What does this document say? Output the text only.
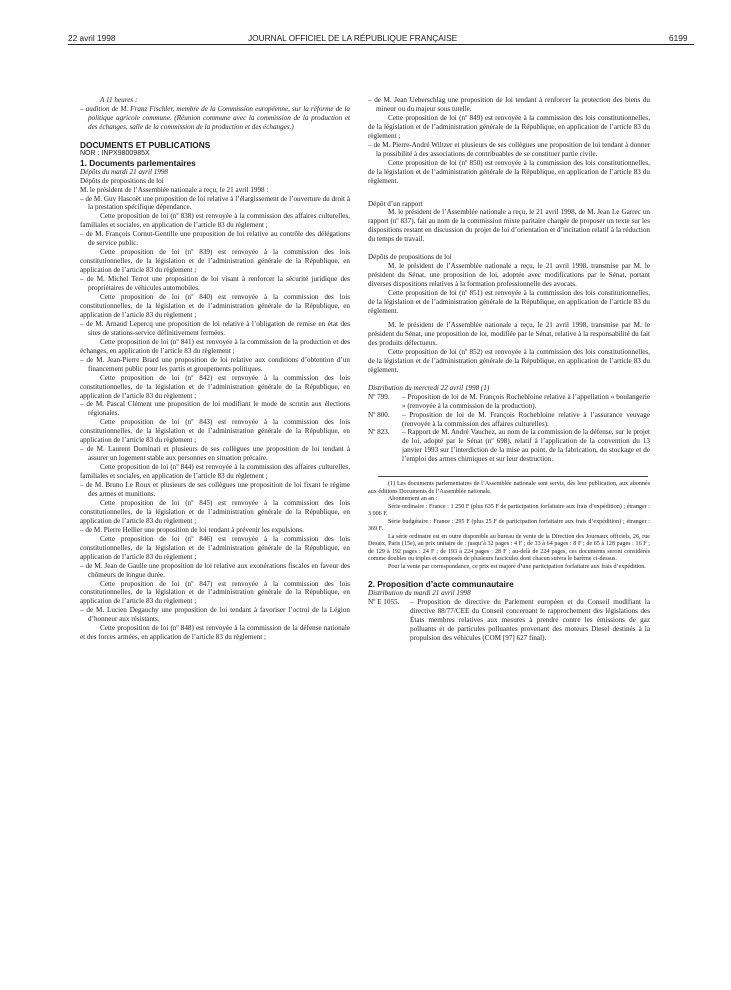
22 avril 1998	JOURNAL OFFICIEL DE LA RÉPUBLIQUE FRANÇAISE	6199

A 11 heures :

– audition de M. Franz Fischler, membre de la Commission européenne, sur la réforme de la politique agricole commune. (Réunion commune avec la commission de la production et des échanges, salle de la commission de la production et des échanges.)

DOCUMENTS ET PUBLICATIONS

NOR : INPX9800985X

1. Documents parlementaires

Dépôts du mardi 21 avril 1998

Dépôts de propositions de loi

M. le président de l’Assemblée nationale a reçu, le 21 avril 1998 :

– de M. Guy Hascoët une proposition de loi relative à l’élargissement de l’ouverture du droit à la prestation spécifique dépendance.

Cette proposition de loi (nº 838) est renvoyée à la commission des affaires culturelles, familiales et sociales, en application de l’article 83 du règlement ;

– de M. François Cornut-Gentille une proposition de loi relative au contrôle des délégations de service public.

Cette proposition de loi (nº 839) est renvoyée à la commission des lois constitutionnelles, de la législation et de l’administration générale de la République, en application de l’article 83 du règlement ;

– de M. Michel Terrot une proposition de loi visant à renforcer la sécurité juridique des propriétaires de véhicules automobiles.

Cette proposition de loi (nº 840) est renvoyée à la commission des lois constitutionnelles, de la législation et de l’administration générale de la République, en application de l’article 83 du règlement ;

– de M. Arnaud Lepercq une proposition de loi relative à l’obligation de remise en état des sites de stations-service définitivement fermées.

Cette proposition de loi (nº 841) est renvoyée à la commission de la production et des échanges, en application de l’article 83 du règlement ;

– de M. Jean-Pierre Brard une proposition de loi relative aux conditions d’obtention d’un financement public pour les partis et groupements politiques.

Cette proposition de loi (nº 842) est renvoyée à la commission des lois constitutionnelles, de la législation et de l’administration générale de la République, en application de l’article 83 du règlement ;

– de M. Pascal Clément une proposition de loi modifiant le mode de scrutin aux élections régionales.

Cette proposition de loi (nº 843) est renvoyée à la commission des lois constitutionnelles, de la législation et de l’administration générale de la République, en application de l’article 83 du règlement ;

– de M. Laurent Dominati et plusieurs de ses collègues une proposition de loi tendant à assurer un logement stable aux personnes en situation précaire.

Cette proposition de loi (nº 844) est renvoyée à la commission des affaires culturelles, familiales et sociales, en application de l’article 83 du règlement ;

– de M. Bruno Le Roux et plusieurs de ses collègues une proposition de loi fixant le régime des armes et munitions.

Cette proposition de loi (nº 845) est renvoyée à la commission des lois constitutionnelles, de la législation et de l’administration générale de la République, en application de l’article 83 du règlement ;

– de M. Pierre Hellier une proposition de loi tendant à prévenir les expulsions.

Cette proposition de loi (nº 846) est renvoyée à la commission des lois constitutionnelles, de la législation et de l’administration générale de la République, en application de l’article 83 du règlement ;

– de M. Jean de Gaulle une proposition de loi relative aux exonérations fiscales en faveur des chômeurs de longue durée.

Cette proposition de loi (nº 847) est renvoyée à la commission des lois constitutionnelles, de la législation et de l’administration générale de la République, en application de l’article 83 du règlement ;

– de M. Lucien Degauchy une proposition de loi tendant à favoriser l’octroi de la Légion d’honneur aux résistants.

Cette proposition de loi (nº 848) est renvoyée à la commission de la défense nationale et des forces armées, en application de l’article 83 du règlement ;

– de M. Jean Ueberschlag une proposition de loi tendant à renforcer la protection des biens du mineur ou du majeur sous tutelle.

Cette proposition de loi (nº 849) est renvoyée à la commission des lois constitutionnelles, de la législation et de l’administration générale de la République, en application de l’article 83 du règlement ;

– de M. Pierre-André Wiltzer et plusieurs de ses collègues une proposition de loi tendant à donner la possibilité à des associations de contribuables de se constituer partie civile.

Cette proposition de loi (nº 850) est renvoyée à la commission des lois constitutionnelles, de la législation et de l’administration générale de la République, en application de l’article 83 du règlement.

Dépôt d’un rapport

M. le président de l’Assemblée nationale a reçu, le 21 avril 1998, de M. Jean Le Garrec un rapport (nº 837), fait au nom de la commission mixte paritaire chargée de proposer un texte sur les dispositions restant en discussion du projet de loi d’orientation et d’incitation relatif à la réduction du temps de travail.

Dépôts de propositions de loi

M. le président de l’Assemblée nationale a reçu, le 21 avril 1998, transmise par M. le président du Sénat, une proposition de loi, adoptée avec modifications par le Sénat, portant diverses dispositions relatives à la formation professionnelle des avocats.

Cette proposition de loi (nº 851) est renvoyée à la commission des lois constitutionnelles, de la législation et de l’administration générale de la République, en application de l’article 83 du règlement.

M. le président de l’Assemblée nationale a reçu, le 21 avril 1998, transmise par M. le président du Sénat, une proposition de loi, modifiée par le Sénat, relative à la responsabilité du fait des produits défectueux.

Cette proposition de loi (nº 852) est renvoyée à la commission des lois constitutionnelles, de la législation et de l’administration générale de la République, en application de l’article 83 du règlement.

Distribution du mercredi 22 avril 1998 (1)

Nº 799.	– Proposition de loi de M. François Rochebloine relative à l’appellation « boulangerie » (renvoyée à la commission de la production).
Nº 800.	– Proposition de loi de M. François Rochebloine relative à l’assurance veuvage (renvoyée à la commission des affaires culturelles).
Nº 823.	– Rapport de M. André Vauchez, au nom de la commission de la défense, sur le projet de loi, adopté par le Sénat (nº 698), relatif à l’application de la convention du 13 janvier 1993 sur l’interdiction de la mise au point, de la fabrication, du stockage et de l’emploi des armes chimiques et sur leur destruction.

(1) Les documents parlementaires de l’Assemblée nationale sont servis, dès leur publication, aux abonnés aux éditions Documents de l’Assemblée nationale.

Abonnement an an :

Série ordinaire : France : 1 250 F (plus 635 F de participation forfaitaire aux frais d’expédition) ; étranger : 3 006 F.

Série budgétaire : France : 295 F (plus 25 F de participation forfaitaire aux frais d’expédition) ; étranger : 369 F.

La série ordinaire est en outre disponible au bureau de vente de la Direction des Journaux officiels, 26, rue Desaix, Paris (15e), au prix unitaire de : jusqu’à 32 pages : 4 F ; de 33 à 64 pages : 8 F ; de 65 à 128 pages : 16 F ; de 129 à 192 pages : 24 F ; de 193 à 224 pages : 28 F ; au-delà de 224 pages, ces documents seront considérés comme doubles ou triples et composés de plusieurs fascicules dont chacun suivra le barème ci-dessus.

Pour la vente par correspondance, ce prix est majoré d’une participation forfaitaire aux frais d’expédition.

2. Proposition d’acte communautaire

Distribution du mardi 21 avril 1998

Nº E 1055.	– Proposition de directive du Parlement européen et du Conseil modifiant la directive 88/77/CEE du Conseil concernant le rapprochement des législations des États membres relatives aux mesures à prendre contre les émissions de gaz polluants et de particules polluantes provenant des moteurs Diesel destinés à la propulsion des véhicules (COM [97] 627 final).
